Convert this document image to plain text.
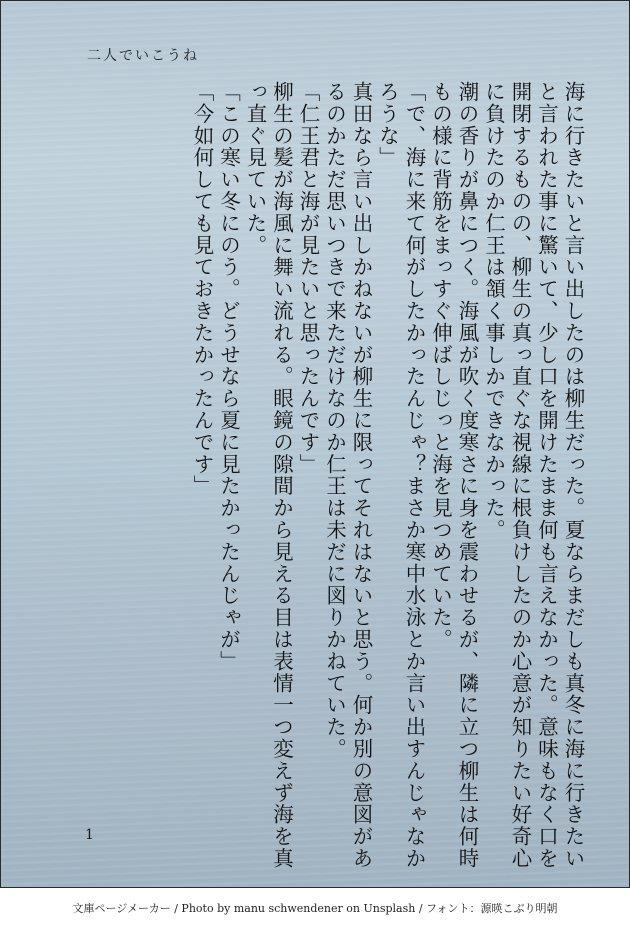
二人でいこうね
海に行きたいと言い出したのは柳生だった。夏ならまだしも真冬に海に行きたい
と言われた事に驚いて、少し口を開けたまま何も言えなかった。意味もなく口を
開閉するものの、柳生の真っ直ぐな視線に根負けしたのか心意が知りたい好奇心
に負けたのか仁王は頷く事しかできなかった。
潮の香りが鼻につく。海風が吹く度寒さに身を震わせるが、隣に立つ柳生は何時
もの様に背筋をまっすぐ伸ばしじっと海を見つめていた。
「で、海に来て何がしたかったんじゃ？まさか寒中水泳とか言い出すんじゃなか
ろうな」
真田なら言い出しかねないが柳生に限ってそれはないと思う。何か別の意図があ
るのかただ思いつきで来ただけなのか仁王は未だに図りかねていた。
「仁王君と海が見たいと思ったんです」
柳生の髪が海風に舞い流れる。眼鏡の隙間から見える目は表情一つ変えず海を真
っ直ぐ見ていた。
「この寒い冬にのう。どうせなら夏に見たかったんじゃが」
「今如何しても見ておきたかったんです」
1
文庫ページメーカー / Photo by manu schwendener on Unsplash / フォント：源暎こぶり明朝
